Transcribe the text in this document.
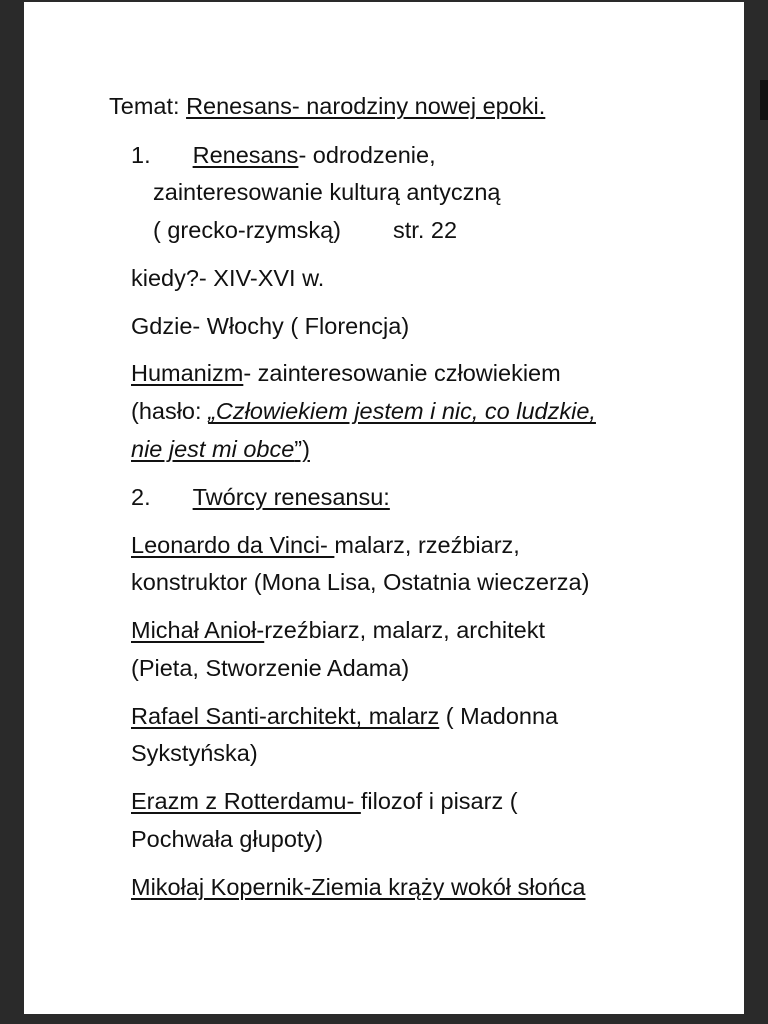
Temat: Renesans- narodziny nowej epoki.
1. Renesans- odrodzenie,
zainteresowanie kulturą antyczną
( grecko-rzymską) str. 22
kiedy?- XIV-XVI w.
Gdzie- Włochy ( Florencja)
Humanizm- zainteresowanie człowiekiem
(hasło: „Człowiekiem jestem i nic, co ludzkie,
nie jest mi obce”)
2. Twórcy renesansu:
Leonardo da Vinci- malarz, rzeźbiarz,
konstruktor (Mona Lisa, Ostatnia wieczerza)
Michał Anioł-rzeźbiarz, malarz, architekt
(Pieta, Stworzenie Adama)
Rafael Santi-architekt, malarz ( Madonna
Sykstyńska)
Erazm z Rotterdamu- filozof i pisarz (
Pochwała głupoty)
Mikołaj Kopernik-Ziemia krąży wokół słońca
